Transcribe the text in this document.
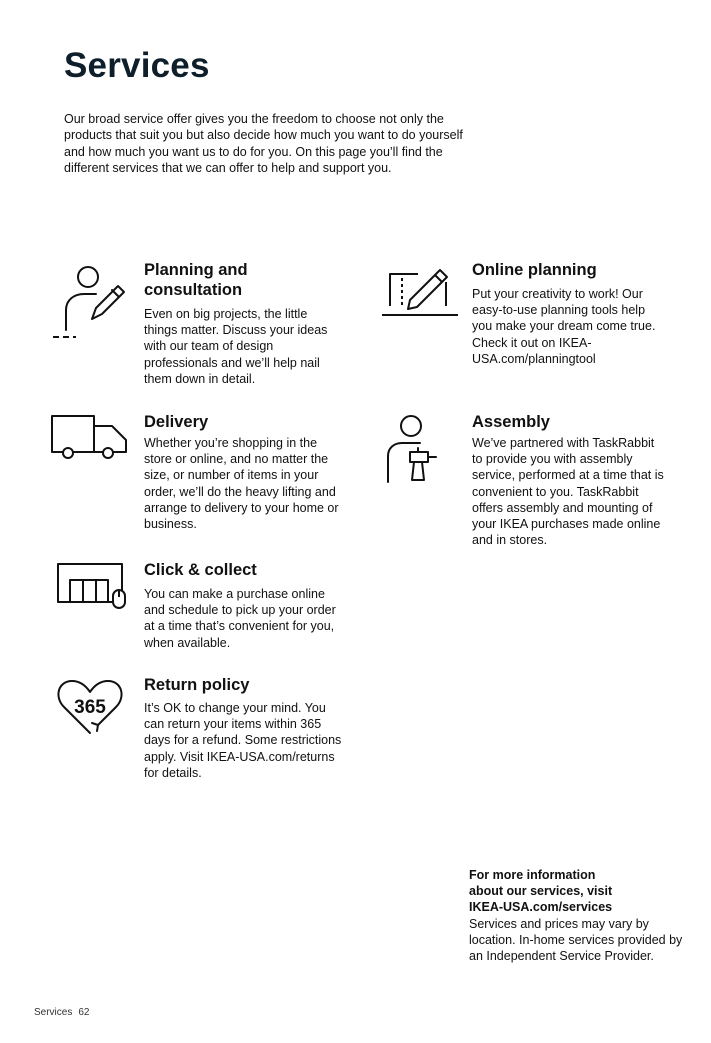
Services

Our broad service offer gives you the freedom to choose not only the products that suit you but also decide how much you want to do yourself and how much you want us to do for you. On this page you’ll find the different services that we can offer to help and support you.

Planning and consultation

Even on big projects, the little things matter. Discuss your ideas with our team of design professionals and we’ll help nail them down in detail.

Online planning

Put your creativity to work! Our easy-to-use planning tools help you make your dream come true. Check it out on IKEA-USA.com/planningtool

Delivery

Whether you’re shopping in the store or online, and no matter the size, or number of items in your order, we’ll do the heavy lifting and arrange to delivery to your home or business.

Assembly

We’ve partnered with TaskRabbit to provide you with assembly service, performed at a time that is convenient to you. TaskRabbit offers assembly and mounting of your IKEA purchases made online and in stores.

Click & collect

You can make a purchase online and schedule to pick up your order at a time that’s convenient for you, when available.

365
Return policy

It’s OK to change your mind. You can return your items within 365 days for a refund. Some restrictions apply. Visit IKEA-USA.com/returns for details.

For more information
about our services, visit
IKEA-USA.com/services
Services and prices may vary by location. In-home services provided by an Independent Service Provider.
Services 62
